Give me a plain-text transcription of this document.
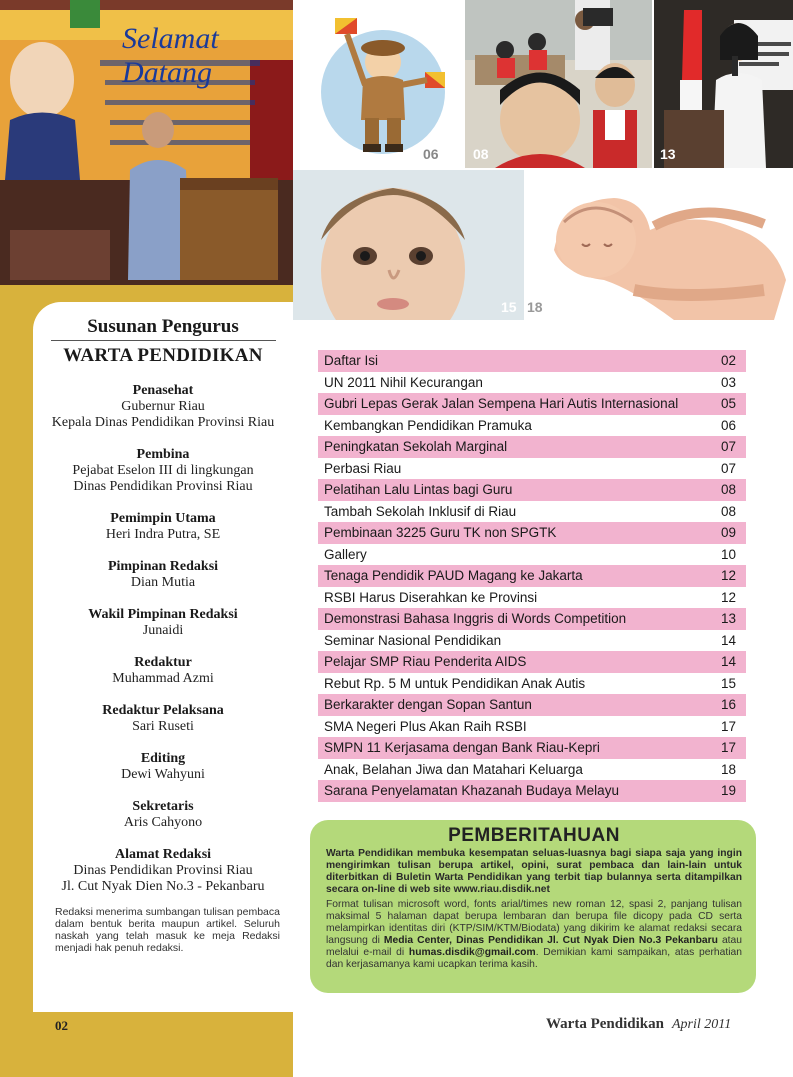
Selamat Datang
06 08	13
15 18
Susunan Pengurus
WARTA PENDIDIKAN
Penasehat
Gubernur Riau
Kepala Dinas Pendidikan Provinsi Riau
Pembina
Pejabat Eselon III di lingkungan
Dinas Pendidikan Provinsi Riau
Pemimpin Utama
Heri Indra Putra, SE
Pimpinan Redaksi
Dian Mutia
Wakil Pimpinan Redaksi
Junaidi
Redaktur
Muhammad Azmi
Redaktur Pelaksana
Sari Ruseti
Editing
Dewi Wahyuni
Sekretaris
Aris Cahyono
Alamat Redaksi
Dinas Pendidikan Provinsi Riau
Jl. Cut Nyak Dien No.3 - Pekanbaru
Redaksi menerima sumbangan tulisan pembaca dalam bentuk berita maupun artikel. Seluruh naskah yang telah masuk ke meja Redaksi menjadi hak penuh redaksi.
02
Daftar Isi	02
UN 2011 Nihil Kecurangan	03
Gubri Lepas Gerak Jalan Sempena Hari Autis Internasional	05
Kembangkan Pendidikan Pramuka	06
Peningkatan Sekolah Marginal	07
Perbasi Riau	07
Pelatihan Lalu Lintas bagi Guru	08
Tambah Sekolah Inklusif di Riau	08
Pembinaan 3225 Guru TK non SPGTK	09
Gallery	10
Tenaga Pendidik PAUD Magang ke Jakarta	12
RSBI Harus Diserahkan ke Provinsi	12
Demonstrasi Bahasa Inggris di Words Competition	13
Seminar Nasional Pendidikan	14
Pelajar SMP Riau Penderita AIDS	14
Rebut Rp. 5 M untuk Pendidikan Anak Autis	15
Berkarakter dengan Sopan Santun	16
SMA Negeri Plus Akan Raih RSBI	17
SMPN 11 Kerjasama dengan Bank Riau-Kepri	17
Anak, Belahan Jiwa dan Matahari Keluarga	18
Sarana Penyelamatan Khazanah Budaya Melayu	19
PEMBERITAHUAN
Warta Pendidikan membuka kesempatan seluas-luasnya bagi siapa saja yang ingin mengirimkan tulisan berupa artikel, opini, surat pembaca dan lain-lain untuk diterbitkan di Buletin Warta Pendidikan yang terbit tiap bulannya serta ditampilkan secara on-line di web site www.riau.disdik.net
Format tulisan microsoft word, fonts arial/times new roman 12, spasi 2, panjang tulisan maksimal 5 halaman dapat berupa lembaran dan berupa file dicopy pada CD serta melampirkan identitas diri (KTP/SIM/KTM/Biodata) yang dikirim ke alamat redaksi secara langsung di Media Center, Dinas Pendidikan Jl. Cut Nyak Dien No.3 Pekanbaru atau melalui e-mail di humas.disdik@gmail.com. Demikian kami sampaikan, atas perhatian dan kerjasamanya kami ucapkan terima kasih.
Warta Pendidikan April 2011
